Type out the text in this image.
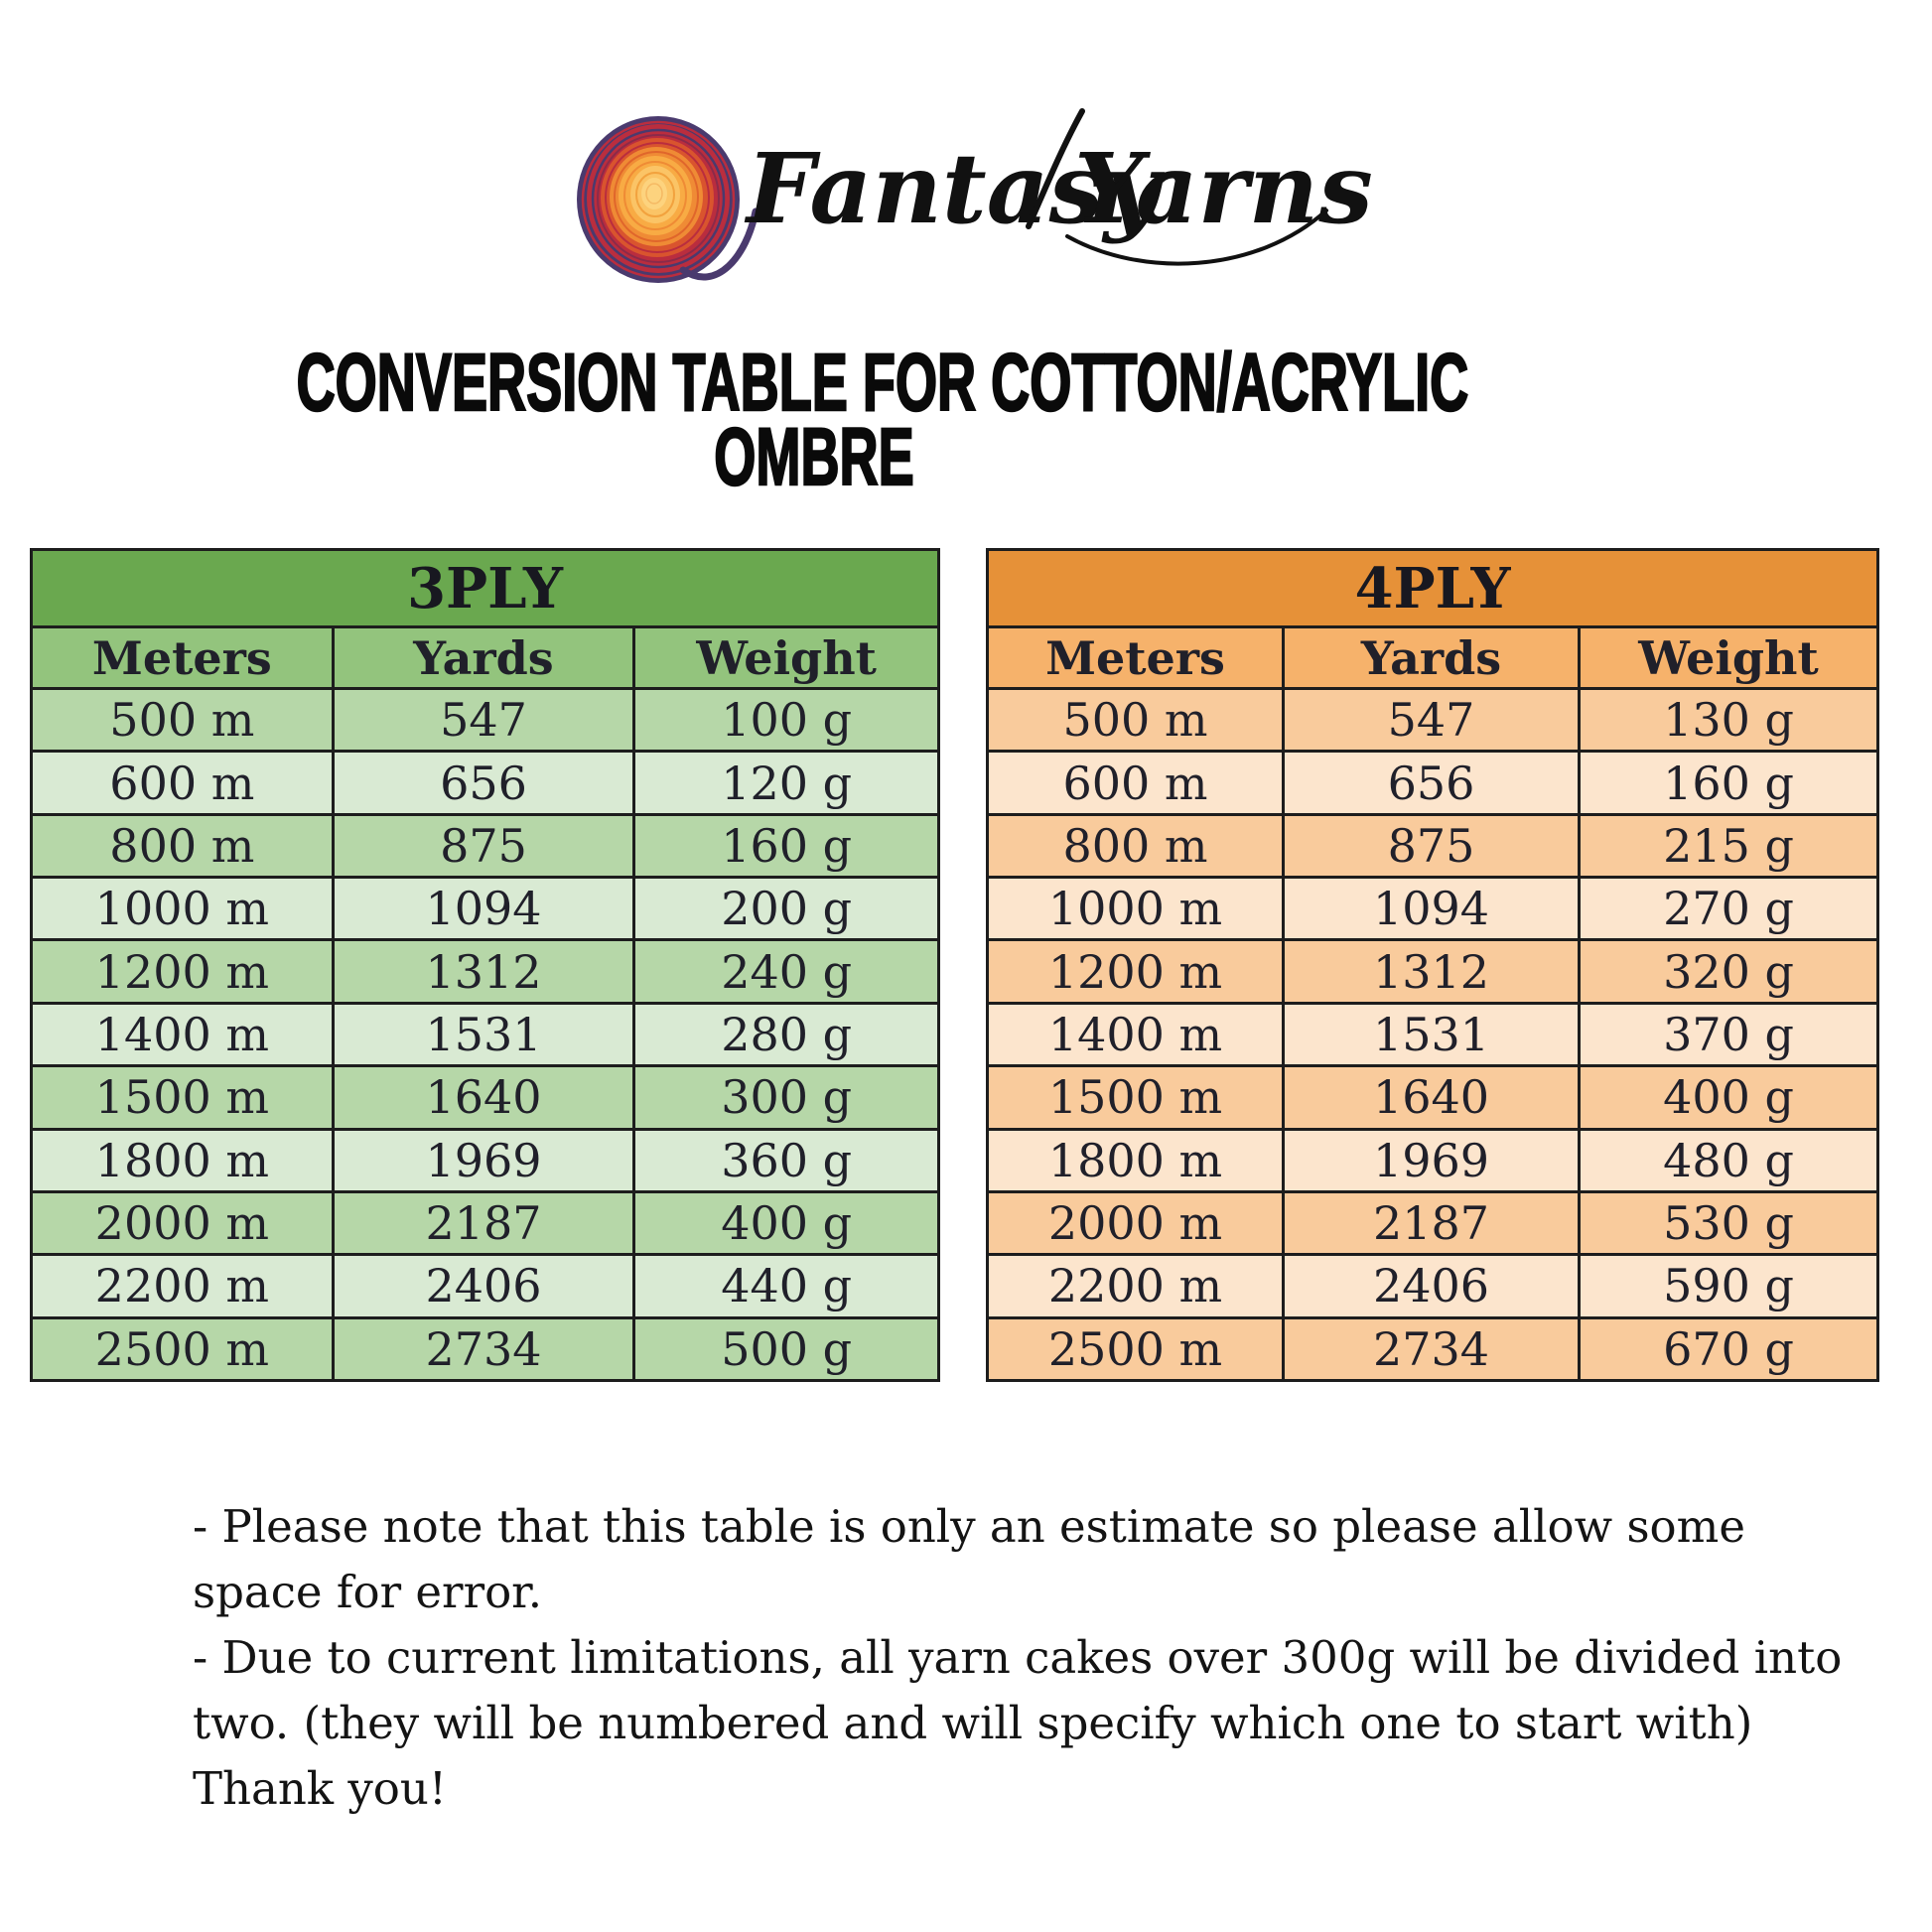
Fantasy
Yarns
CONVERSION TABLE FOR COTTON/ACRYLIC
OMBRE
3PLY
Meters	Yards	Weight
500 m	547	100 g
600 m	656	120 g
800 m	875	160 g
1000 m	1094	200 g
1200 m	1312	240 g
1400 m	1531	280 g
1500 m	1640	300 g
1800 m	1969	360 g
2000 m	2187	400 g
2200 m	2406	440 g
2500 m	2734	500 g
4PLY
Meters	Yards	Weight
500 m	547	130 g
600 m	656	160 g
800 m	875	215 g
1000 m	1094	270 g
1200 m	1312	320 g
1400 m	1531	370 g
1500 m	1640	400 g
1800 m	1969	480 g
2000 m	2187	530 g
2200 m	2406	590 g
2500 m	2734	670 g
- Please note that this table is only an estimate so please allow some
space for error.
- Due to current limitations, all yarn cakes over 300g will be divided into
two. (they will be numbered and will specify which one to start with)
Thank you!
